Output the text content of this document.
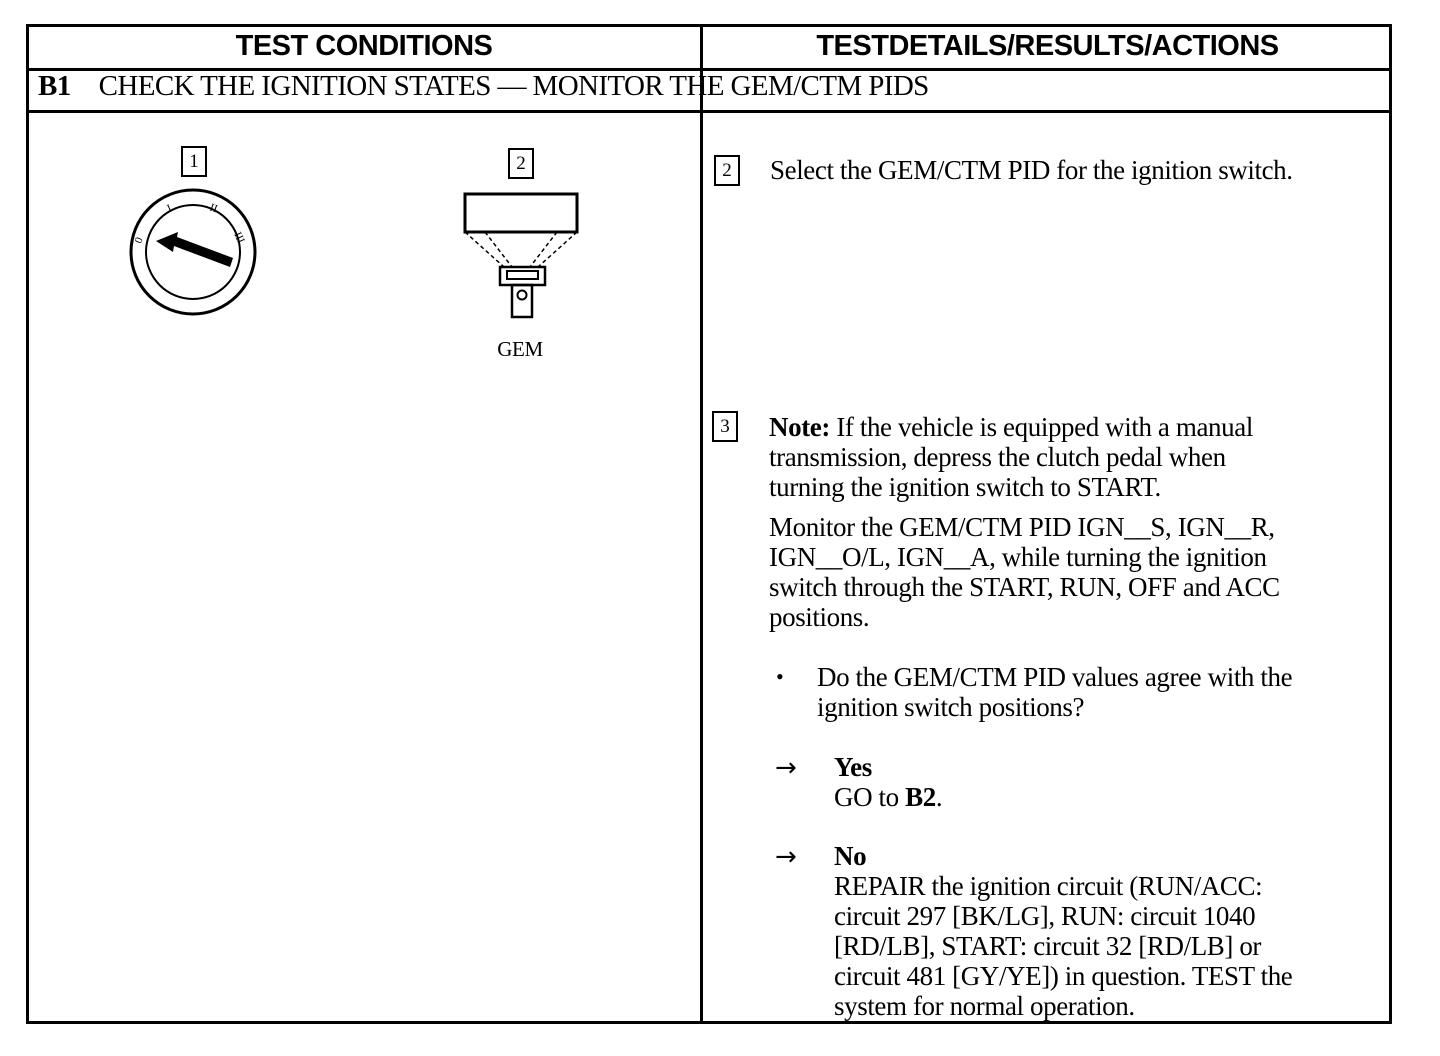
TEST CONDITIONS	TESTDETAILS/RESULTS/ACTIONS
B1 CHECK THE IGNITION STATES — MONITOR THE GEM/CTM PIDS
1
0
I	II
III
2
GEM
2	Select the GEM/CTM PID for the ignition switch.
3	Note: If the vehicle is equipped with a manual
transmission, depress the clutch pedal when
turning the ignition switch to START.
Monitor the GEM/CTM PID IGN__S, IGN__R,
IGN__O/L, IGN__A, while turning the ignition
switch through the START, RUN, OFF and ACC
positions.
• Do the GEM/CTM PID values agree with the
ignition switch positions?
→ Yes
GO to B2.
→ No
REPAIR the ignition circuit (RUN/ACC:
circuit 297 [BK/LG], RUN: circuit 1040
[RD/LB], START: circuit 32 [RD/LB] or
circuit 481 [GY/YE]) in question. TEST the
system for normal operation.
